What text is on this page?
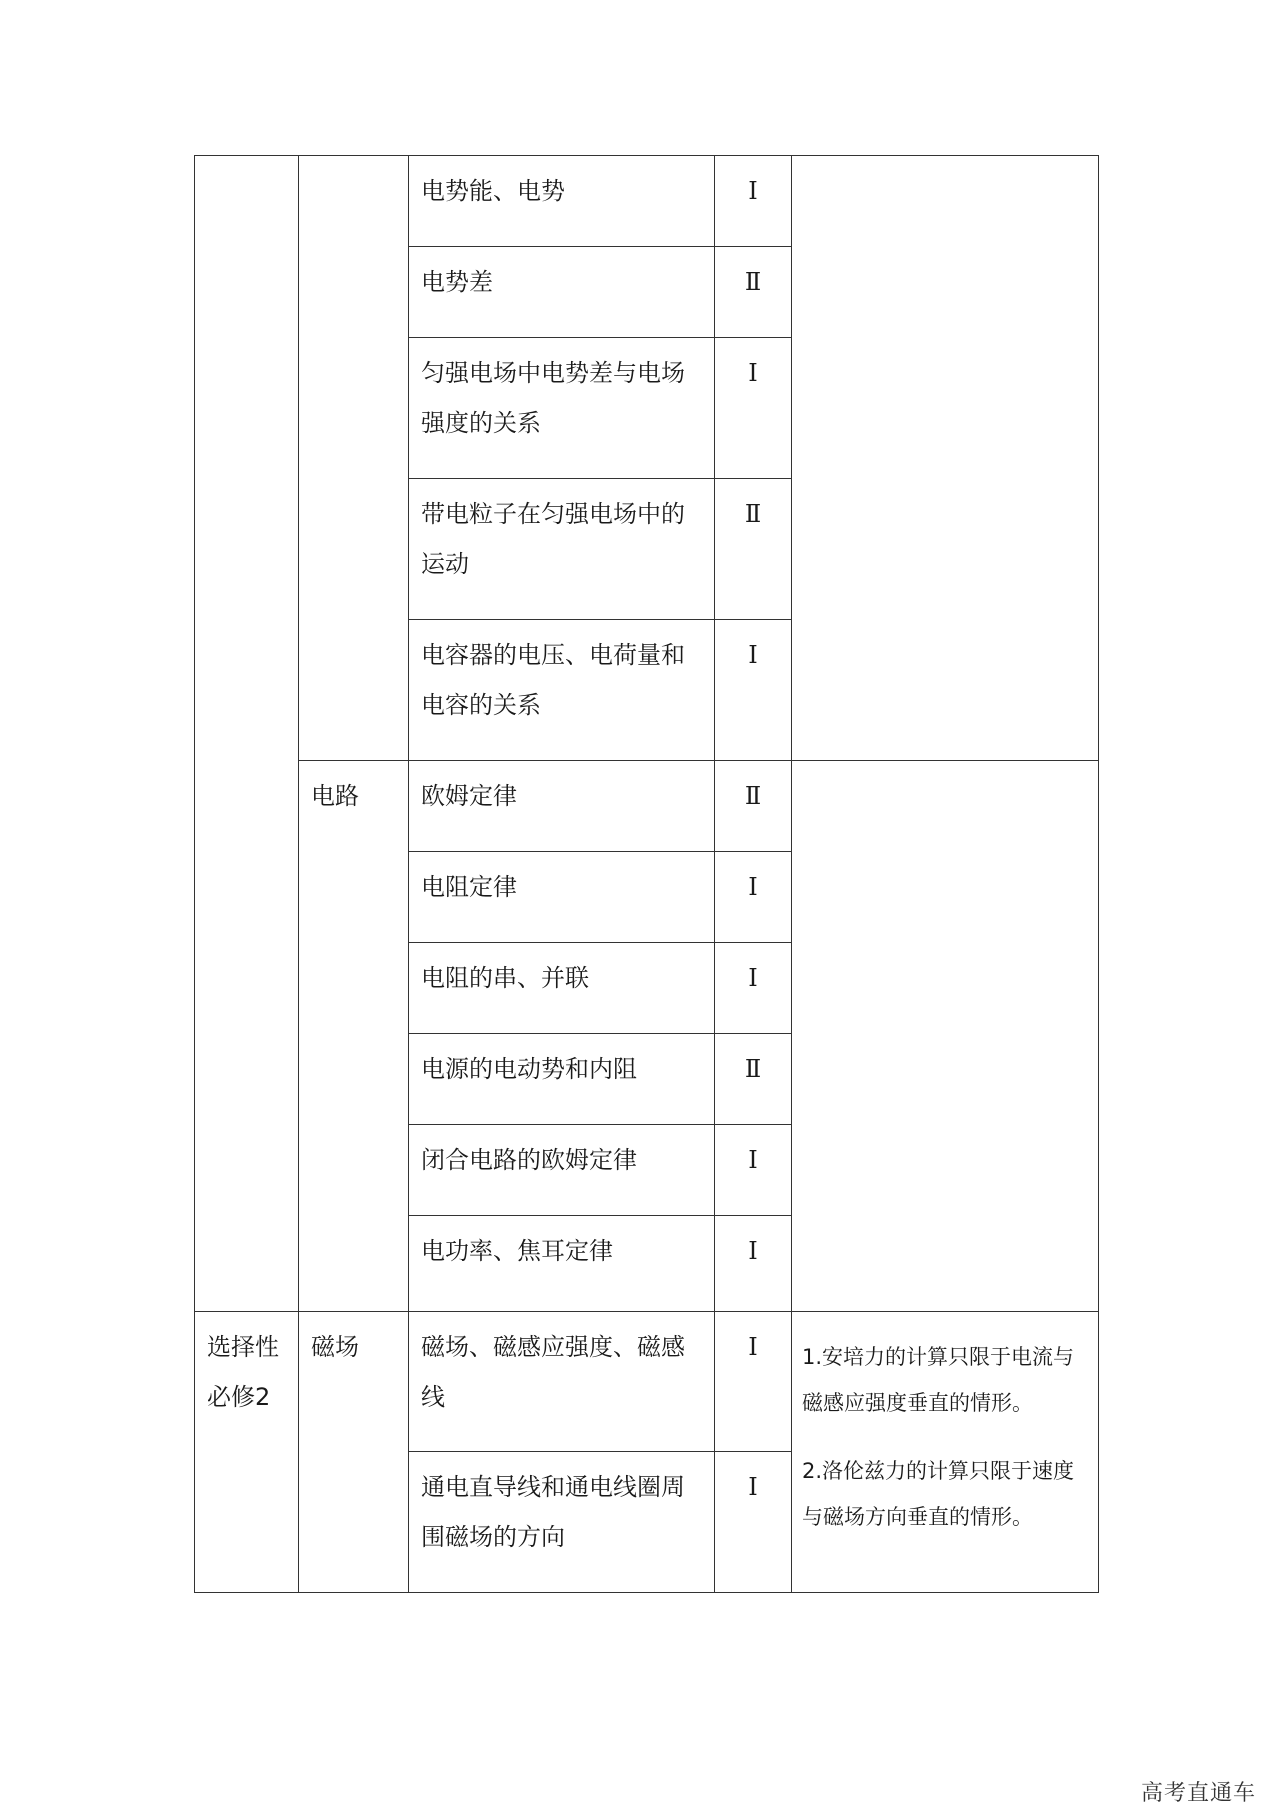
		电势能、电势	Ⅰ	
		电势差	Ⅱ	
		匀强电场中电势差与电场强度的关系	Ⅰ	
		带电粒子在匀强电场中的运动	Ⅱ	
		电容器的电压、电荷量和电容的关系	Ⅰ	
	电路	欧姆定律	Ⅱ	
		电阻定律	Ⅰ	
		电阻的串、并联	Ⅰ	
		电源的电动势和内阻	Ⅱ	
		闭合电路的欧姆定律	Ⅰ	
		电功率、焦耳定律	Ⅰ	
选择性必修2	磁场	磁场、磁感应强度、磁感线	Ⅰ	1.安培力的计算只限于电流与磁感应强度垂直的情形。
2.洛伦兹力的计算只限于速度与磁场方向垂直的情形。

		通电直导线和通电线圈周围磁场的方向	Ⅰ	
高考直通车
